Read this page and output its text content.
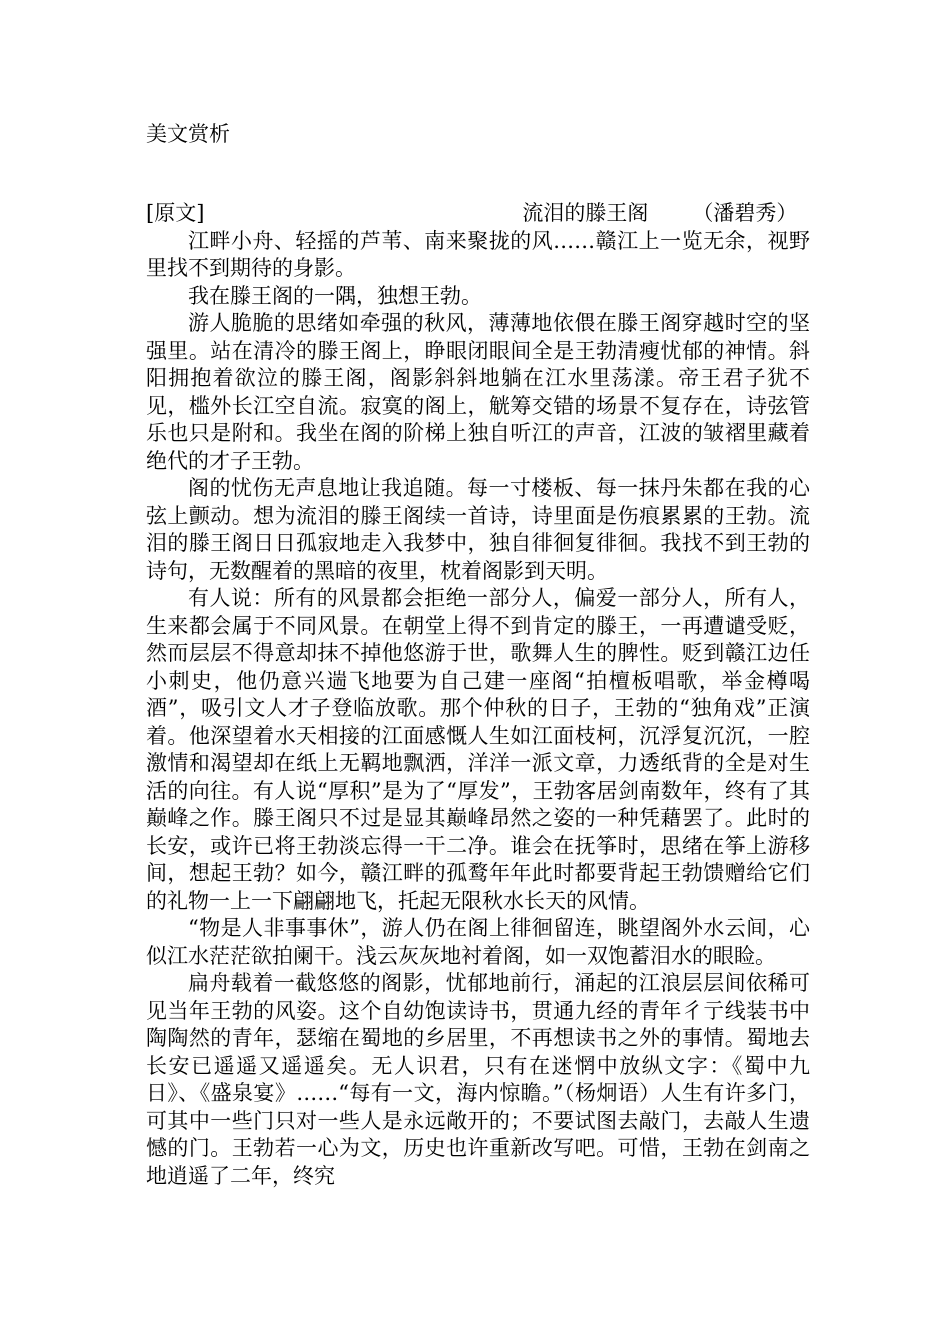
美文赏析

[原文]	流泪的滕王阁 （潘碧秀）

江畔小舟、轻摇的芦苇、南来聚拢的风……赣江上一览无余，视野里找不到期待的身影。

我在滕王阁的一隅，独想王勃。

游人脆脆的思绪如牵强的秋风，薄薄地依偎在滕王阁穿越时空的坚强里。站在清冷的滕王阁上，睁眼闭眼间全是王勃清瘦忧郁的神情。斜阳拥抱着欲泣的滕王阁，阁影斜斜地躺在江水里荡漾。帝王君子犹不见，槛外长江空自流。寂寞的阁上，觥筹交错的场景不复存在，诗弦管乐也只是附和。我坐在阁的阶梯上独自听江的声音，江波的皱褶里藏着绝代的才子王勃。

阁的忧伤无声息地让我追随。每一寸楼板、每一抹丹朱都在我的心弦上颤动。想为流泪的滕王阁续一首诗，诗里面是伤痕累累的王勃。流泪的滕王阁日日孤寂地走入我梦中，独自徘徊复徘徊。我找不到王勃的诗句，无数醒着的黑暗的夜里，枕着阁影到天明。

有人说：所有的风景都会拒绝一部分人，偏爱一部分人，所有人，生来都会属于不同风景。在朝堂上得不到肯定的滕王，一再遭谴受贬，然而层层不得意却抹不掉他悠游于世，歌舞人生的脾性。贬到赣江边任小刺史，他仍意兴遄飞地要为自己建一座阁“拍檀板唱歌，举金樽喝酒”，吸引文人才子登临放歌。那个仲秋的日子，王勃的“独角戏”正演着。他深望着水天相接的江面感慨人生如江面枝柯，沉浮复沉沉，一腔激情和渴望却在纸上无羁地飘洒，洋洋一派文章，力透纸背的全是对生活的向往。有人说“厚积”是为了“厚发”，王勃客居剑南数年，终有了其巅峰之作。滕王阁只不过是显其巅峰昂然之姿的一种凭藉罢了。此时的长安，或许已将王勃淡忘得一干二净。谁会在抚筝时，思绪在筝上游移间，想起王勃？如今，赣江畔的孤鹜年年此时都要背起王勃馈赠给它们的礼物一上一下翩翩地飞，托起无限秋水长天的风情。

“物是人非事事休”，游人仍在阁上徘徊留连，眺望阁外水云间，心似江水茫茫欲拍阑干。浅云灰灰地衬着阁，如一双饱蓄泪水的眼睑。

扁舟载着一截悠悠的阁影，忧郁地前行，涌起的江浪层层间依稀可见当年王勃的风姿。这个自幼饱读诗书，贯通九经的青年彳亍线装书中陶陶然的青年，瑟缩在蜀地的乡居里，不再想读书之外的事情。蜀地去长安已遥遥又遥遥矣。无人识君，只有在迷惘中放纵文字：《蜀中九日》、《盛泉宴》……“每有一文，海内惊瞻。”（杨炯语）人生有许多门，可其中一些门只对一些人是永远敞开的；不要试图去敲门，去敲人生遗憾的门。王勃若一心为文，历史也许重新改写吧。可惜，王勃在剑南之地逍遥了二年，终究
